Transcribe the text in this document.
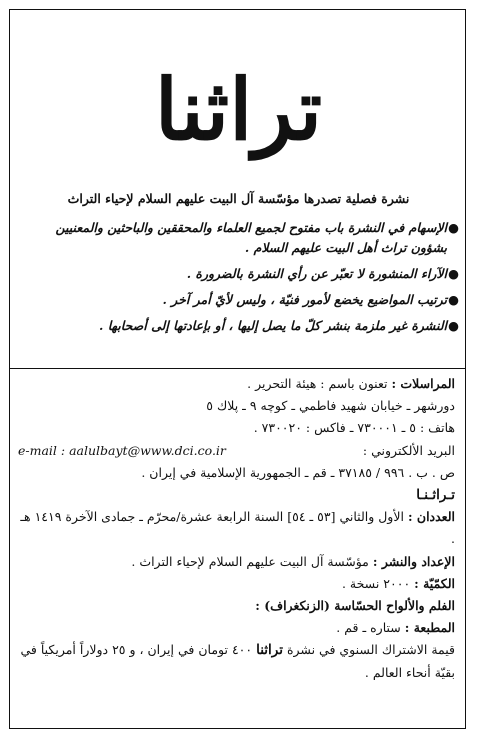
تراثنا
نشرة فصلية تصدرها مؤسّسة آل البيت عليهم السلام لإحياء التراث
●
الإسهام في النشرة باب مفتوح لجميع العلماء والمحققين والباحثين والمعنيين بشؤون تراث أهل البيت عليهم السلام .
●
الآراء المنشورة لا تعبّر عن رأي النشرة بالضرورة .
●
ترتيب المواضيع يخضع لأمور فنيّة ، وليس لأيّ أمر آخر .
●
النشرة غير ملزمة بنشر كلّ ما يصل إليها ، أو بإعادتها إلى أصحابها .
المراسلات : تعنون باسم : هيئة التحرير .
دورشهر ـ خيابان شهيد فاطمي ـ كوچه ۹ ـ پلاك ٥
هاتف : ٥ ـ ٧٣٠٠٠١ ـ فاكس : ٧٣٠٠٢٠ .
البريد الألكتروني :
e-mail : aalulbayt@www.dci.co.ir
ص . ب . ٩٩٦ / ٣٧١٨٥ ـ قم ـ الجمهورية الإسلامية في إيران .
تـراثـنـا
العددان : الأول والثاني [٥٣ ـ ٥٤] السنة الرابعة عشرة/محرّم ـ جمادى الآخرة ١٤١٩ هـ .
الإعداد والنشر : مؤسّسة آل البيت عليهم السلام لإحياء التراث .
الكمّيّة : ٢٠٠٠ نسخة .
الفلم والألواح الحسّاسة (الزنكغراف) :
المطبعة : ستاره ـ قم .
قيمة الاشتراك السنوي في نشرة تراثنا ٤٠٠ تومان في إيران ، و ٢٥ دولاراً أمريكياً في بقيّة أنحاء العالم .
